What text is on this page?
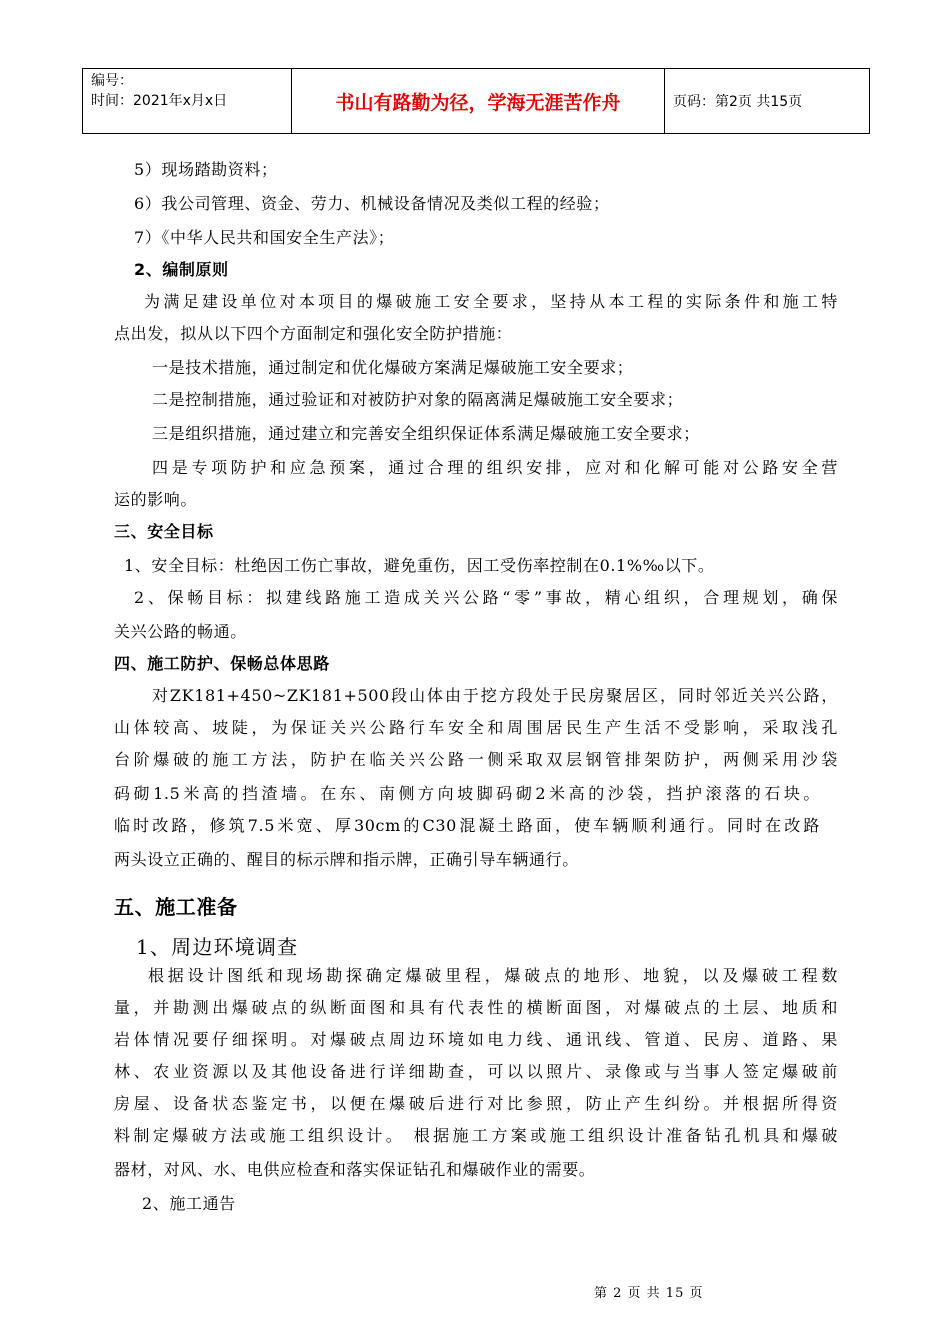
编号：
时间：2021年x月x日	书山有路勤为径，学海无涯苦作舟	页码：第2页 共15页
5）现场踏勘资料；
6）我公司管理、资金、劳力、机械设备情况及类似工程的经验；
7）《中华人民共和国安全生产法》；
2、编制原则
为满足建设单位对本项目的爆破施工安全要求，坚持从本工程的实际条件和施工特
点出发，拟从以下四个方面制定和强化安全防护措施：
一是技术措施，通过制定和优化爆破方案满足爆破施工安全要求；
二是控制措施，通过验证和对被防护对象的隔离满足爆破施工安全要求；
三是组织措施，通过建立和完善安全组织保证体系满足爆破施工安全要求；
四是专项防护和应急预案，通过合理的组织安排，应对和化解可能对公路安全营
运的影响。
三、安全目标
1、安全目标：杜绝因工伤亡事故，避免重伤，因工受伤率控制在0.1%‰以下。
2、保畅目标：拟建线路施工造成关兴公路“零”事故，精心组织，合理规划，确保
关兴公路的畅通。
四、施工防护、保畅总体思路
对ZK181+450~ZK181+500段山体由于挖方段处于民房聚居区，同时邻近关兴公路，
山体较高、坡陡，为保证关兴公路行车安全和周围居民生产生活不受影响，采取浅孔
台阶爆破的施工方法，防护在临关兴公路一侧采取双层钢管排架防护，两侧采用沙袋
码砌1.5米高的挡渣墙。在东、南侧方向坡脚码砌2米高的沙袋，挡护滚落的石块。
临时改路，修筑7.5米宽、厚30cm的C30混凝土路面，使车辆顺利通行。同时在改路
两头设立正确的、醒目的标示牌和指示牌，正确引导车辆通行。
五、施工准备
1、周边环境调查
根据设计图纸和现场勘探确定爆破里程，爆破点的地形、地貌，以及爆破工程数
量，并勘测出爆破点的纵断面图和具有代表性的横断面图，对爆破点的土层、地质和
岩体情况要仔细探明。对爆破点周边环境如电力线、通讯线、管道、民房、道路、果
林、农业资源以及其他设备进行详细勘查，可以以照片、录像或与当事人签定爆破前
房屋、设备状态鉴定书，以便在爆破后进行对比参照，防止产生纠纷。并根据所得资
料制定爆破方法或施工组织设计。 根据施工方案或施工组织设计准备钻孔机具和爆破
器材，对风、水、电供应检查和落实保证钻孔和爆破作业的需要。
2、施工通告
第 2 页 共 15 页
